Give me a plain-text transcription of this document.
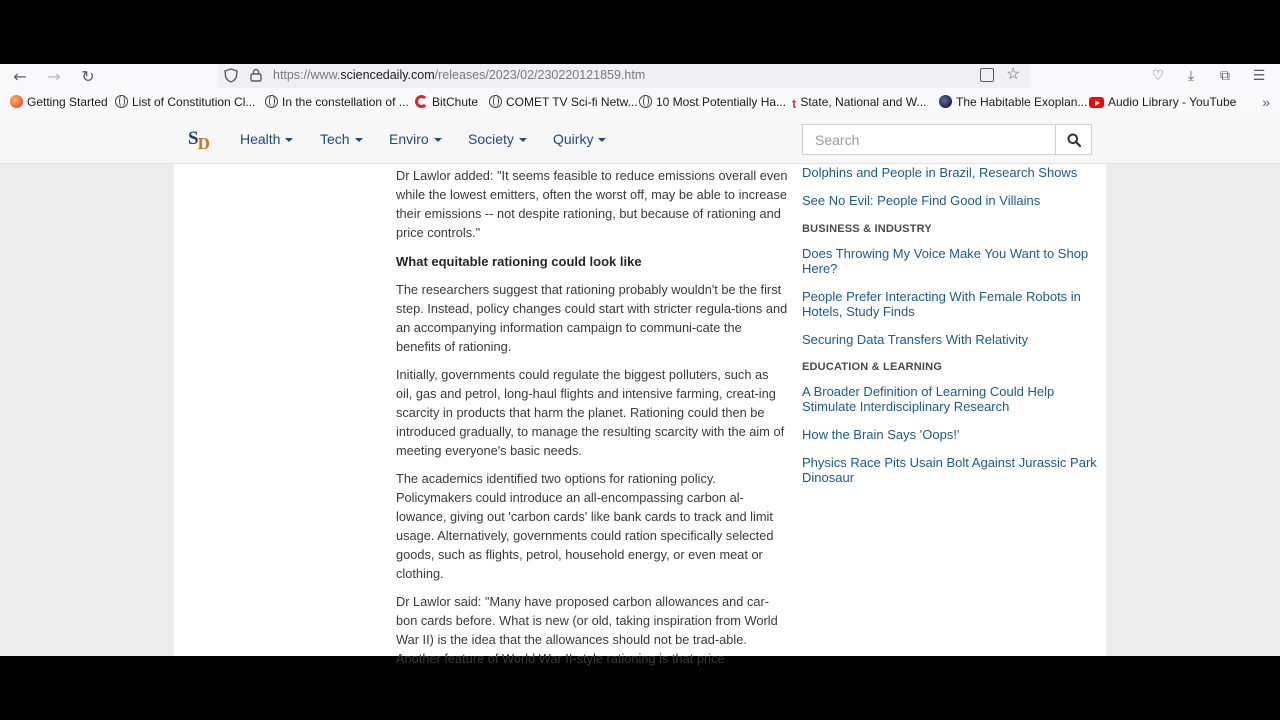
←	→	↻	https://www.sciencedaily.com/releases/2023/02/230220121859.htm	☆	♡	⤓	⧉	☰
Getting Started	List of Constitution Cl...	In the constellation of ...	BitChute	COMET TV Sci-fi Netw...	10 Most Potentially Ha... t State, National and W...	The Habitable Exoplan...	Audio Library - YouTube »
SD Health	Tech	Enviro	Society	Quirky
Search

Dr Lawlor added: "It seems feasible to reduce emissions overall even while the lowest emitters, often the worst off, may be able to increase their emissions -- not despite rationing, but because of rationing and price controls."

What equitable rationing could look like

The researchers suggest that rationing probably wouldn't be the first step. Instead, policy changes could start with stricter regula-tions and an accompanying information campaign to communi-cate the benefits of rationing.

Initially, governments could regulate the biggest polluters, such as oil, gas and petrol, long-haul flights and intensive farming, creat-ing scarcity in products that harm the planet. Rationing could then be introduced gradually, to manage the resulting scarcity with the aim of meeting everyone's basic needs.

The academics identified two options for rationing policy. Policymakers could introduce an all-encompassing carbon al-lowance, giving out 'carbon cards' like bank cards to track and limit usage. Alternatively, governments could ration specifically selected goods, such as flights, petrol, household energy, or even meat or clothing.

Dr Lawlor said: "Many have proposed carbon allowances and car-bon cards before. What is new (or old, taking inspiration from World War II) is the idea that the allowances should not be trad-able. Another feature of World War II-style rationing is that price

Dolphins and People in Brazil, Research Shows
See No Evil: People Find Good in Villains
BUSINESS & INDUSTRY
Does Throwing My Voice Make You Want to Shop Here?
People Prefer Interacting With Female Robots in Hotels, Study Finds
Securing Data Transfers With Relativity
EDUCATION & LEARNING
A Broader Definition of Learning Could Help Stimulate Interdisciplinary Research
How the Brain Says 'Oops!'
Physics Race Pits Usain Bolt Against Jurassic Park Dinosaur
